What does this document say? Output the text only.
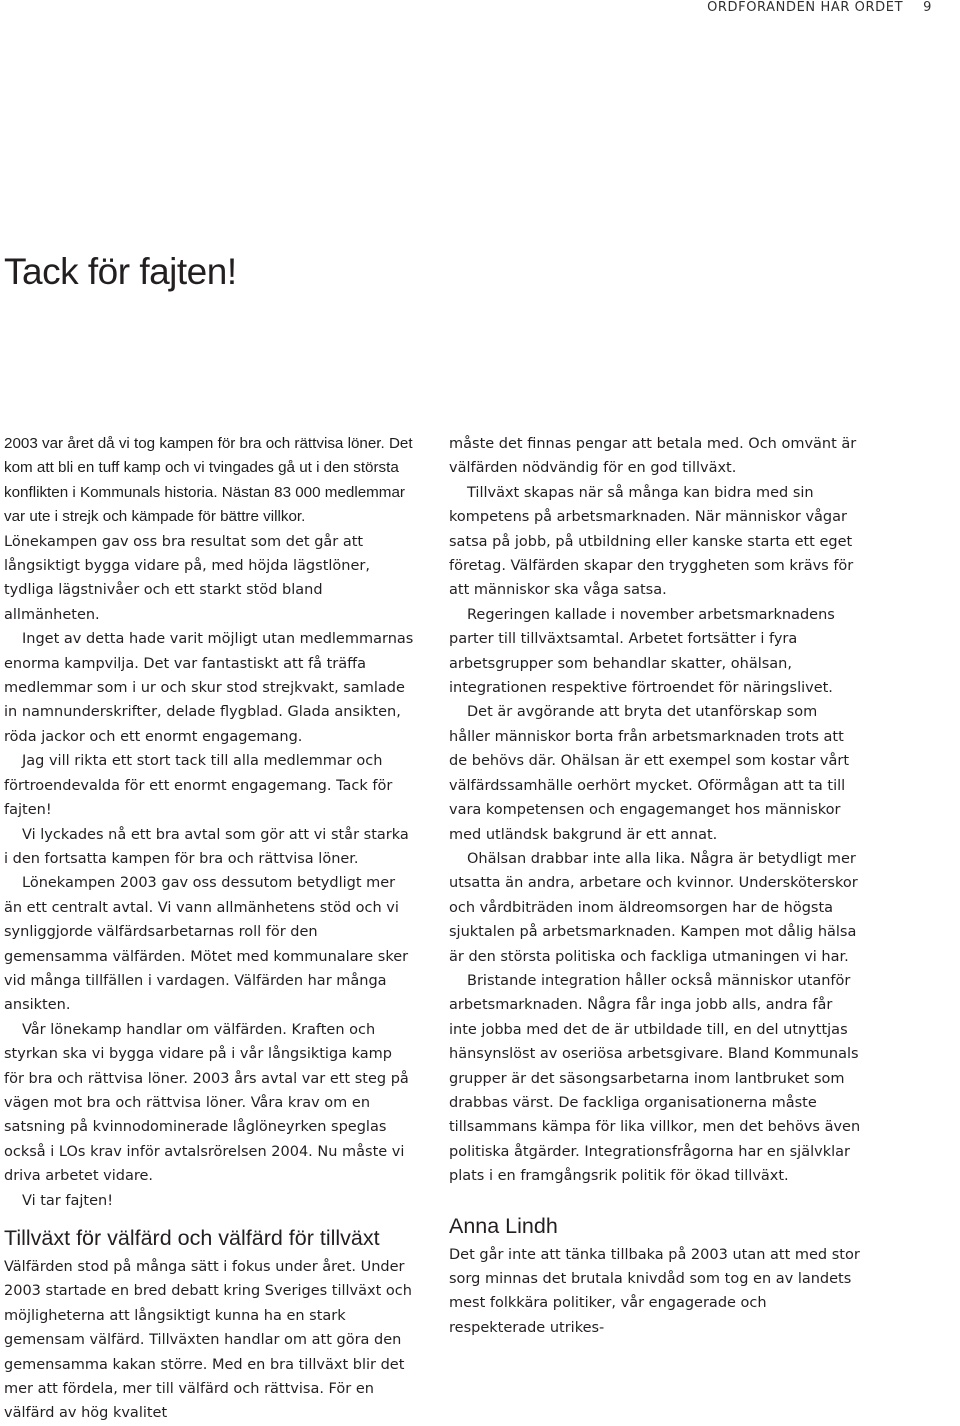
ORDFÖRANDEN HAR ORDET 9
Tack för fajten!

2003 var året då vi tog kampen för bra och rättvisa löner. Det kom att bli en tuff kamp och vi tvingades gå ut i den största konflikten i Kommunals historia. Nästan 83 000 medlemmar var ute i strejk och kämpade för bättre villkor.

Lönekampen gav oss bra resultat som det går att långsiktigt bygga vidare på, med höjda lägstlöner, tydliga lägstnivåer och ett starkt stöd bland allmänheten.

Inget av detta hade varit möjligt utan medlemmarnas enorma kampvilja. Det var fantastiskt att få träffa medlemmar som i ur och skur stod strejkvakt, samlade in namnunderskrifter, delade flygblad. Glada ansikten, röda jackor och ett enormt engagemang.

Jag vill rikta ett stort tack till alla medlemmar och förtroendevalda för ett enormt engagemang. Tack för fajten!

Vi lyckades nå ett bra avtal som gör att vi står starka i den fortsatta kampen för bra och rättvisa löner.

Lönekampen 2003 gav oss dessutom betydligt mer än ett centralt avtal. Vi vann allmänhetens stöd och vi synliggjorde välfärdsarbetarnas roll för den gemensamma välfärden. Mötet med kommunalare sker vid många tillfällen i vardagen. Välfärden har många ansikten.

Vår lönekamp handlar om välfärden. Kraften och styrkan ska vi bygga vidare på i vår långsiktiga kamp för bra och rättvisa löner. 2003 års avtal var ett steg på vägen mot bra och rättvisa löner. Våra krav om en satsning på kvinnodominerade låglöneyrken speglas också i LOs krav inför avtalsrörelsen 2004. Nu måste vi driva arbetet vidare.

Vi tar fajten!

Tillväxt för välfärd och välfärd för tillväxt

Välfärden stod på många sätt i fokus under året. Under 2003 startade en bred debatt kring Sveriges tillväxt och möjligheterna att långsiktigt kunna ha en stark gemensam välfärd. Tillväxten handlar om att göra den gemensamma kakan större. Med en bra tillväxt blir det mer att fördela, mer till välfärd och rättvisa. För en välfärd av hög kvalitet

måste det finnas pengar att betala med. Och omvänt är välfärden nödvändig för en god tillväxt.

Tillväxt skapas när så många kan bidra med sin kompetens på arbetsmarknaden. När människor vågar satsa på jobb, på utbildning eller kanske starta ett eget företag. Välfärden skapar den tryggheten som krävs för att människor ska våga satsa.

Regeringen kallade i november arbetsmarknadens parter till tillväxtsamtal. Arbetet fortsätter i fyra arbetsgrupper som behandlar skatter, ohälsan, integrationen respektive förtroendet för näringslivet.

Det är avgörande att bryta det utanförskap som håller människor borta från arbetsmarknaden trots att de behövs där. Ohälsan är ett exempel som kostar vårt välfärdssamhälle oerhört mycket. Oförmågan att ta till vara kompetensen och engagemanget hos människor med utländsk bakgrund är ett annat.

Ohälsan drabbar inte alla lika. Några är betydligt mer utsatta än andra, arbetare och kvinnor. Undersköterskor och vårdbiträden inom äldreomsorgen har de högsta sjuktalen på arbetsmarknaden. Kampen mot dålig hälsa är den största politiska och fackliga utmaningen vi har.

Bristande integration håller också människor utanför arbetsmarknaden. Några får inga jobb alls, andra får inte jobba med det de är utbildade till, en del utnyttjas hänsynslöst av oseriösa arbetsgivare. Bland Kommunals grupper är det säsongsarbetarna inom lantbruket som drabbas värst. De fackliga organisationerna måste tillsammans kämpa för lika villkor, men det behövs även politiska åtgärder. Integrationsfrågorna har en självklar plats i en framgångsrik politik för ökad tillväxt.

Anna Lindh

Det går inte att tänka tillbaka på 2003 utan att med stor sorg minnas det brutala knivdåd som tog en av landets mest folkkära politiker, vår engagerade och respekterade utrikes-
